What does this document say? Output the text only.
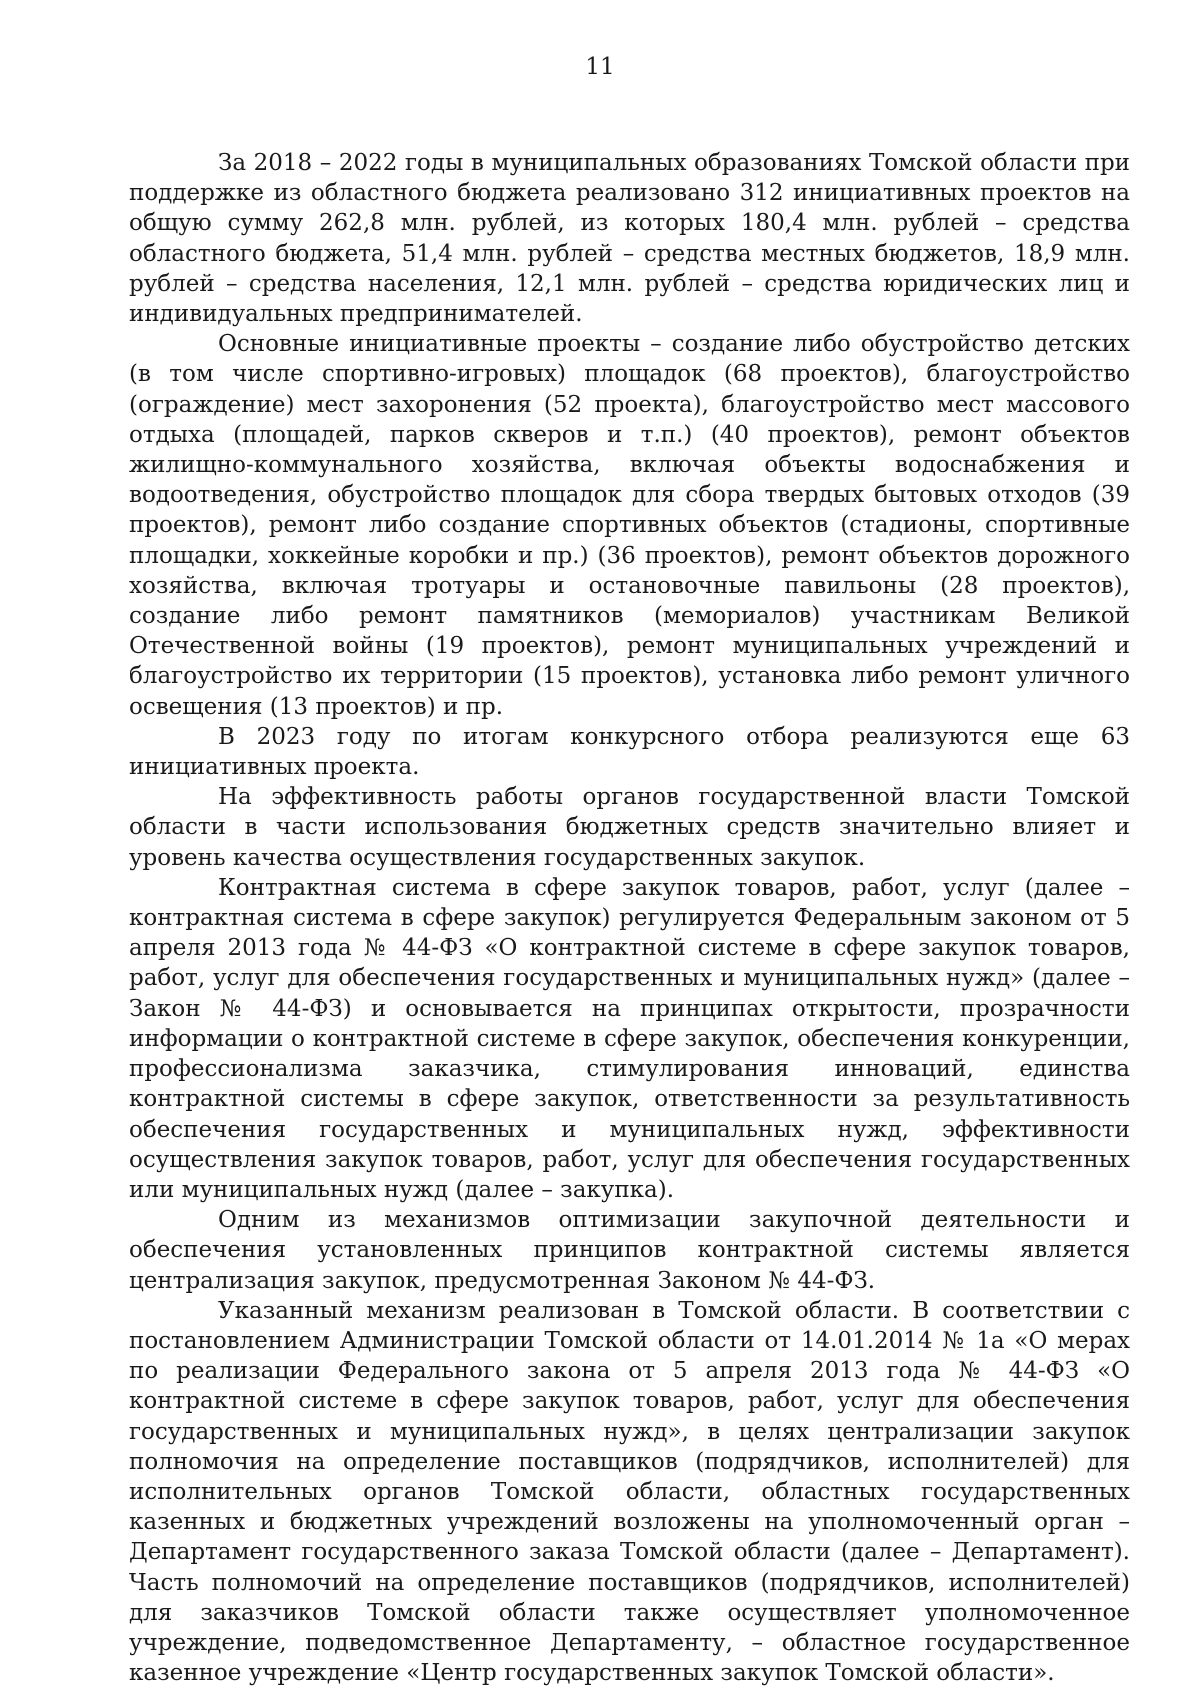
11

За 2018 – 2022 годы в муниципальных образованиях Томской области при поддержке из областного бюджета реализовано 312 инициативных проектов на общую сумму 262,8 млн. рублей, из которых 180,4 млн. рублей – средства областного бюджета, 51,4 млн. рублей – средства местных бюджетов, 18,9 млн. рублей – средства населения, 12,1 млн. рублей – средства юридических лиц и индивидуальных предпринимателей.

Основные инициативные проекты – создание либо обустройство детских (в том числе спортивно-игровых) площадок (68 проектов), благоустройство (ограждение) мест захоронения (52 проекта), благоустройство мест массового отдыха (площадей, парков скверов и т.п.) (40 проектов), ремонт объектов жилищно-коммунального хозяйства, включая объекты водоснабжения и водоотведения, обустройство площадок для сбора твердых бытовых отходов (39 проектов), ремонт либо создание спортивных объектов (стадионы, спортивные площадки, хоккейные коробки и пр.) (36 проектов), ремонт объектов дорожного хозяйства, включая тротуары и остановочные павильоны (28 проектов), создание либо ремонт памятников (мемориалов) участникам Великой Отечественной войны (19 проектов), ремонт муниципальных учреждений и благоустройство их территории (15 проектов), установка либо ремонт уличного освещения (13 проектов) и пр.

В 2023 году по итогам конкурсного отбора реализуются еще 63 инициативных проекта.

На эффективность работы органов государственной власти Томской области в части использования бюджетных средств значительно влияет и уровень качества осуществления государственных закупок.

Контрактная система в сфере закупок товаров, работ, услуг (далее – контрактная система в сфере закупок) регулируется Федеральным законом от 5 апреля 2013 года № 44-ФЗ «О контрактной системе в сфере закупок товаров, работ, услуг для обеспечения государственных и муниципальных нужд» (далее – Закон № 44-ФЗ) и основывается на принципах открытости, прозрачности информации о контрактной системе в сфере закупок, обеспечения конкуренции, профессионализма заказчика, стимулирования инноваций, единства контрактной системы в сфере закупок, ответственности за результативность обеспечения государственных и муниципальных нужд, эффективности осуществления закупок товаров, работ, услуг для обеспечения государственных или муниципальных нужд (далее – закупка).

Одним из механизмов оптимизации закупочной деятельности и обеспечения установленных принципов контрактной системы является централизация закупок, предусмотренная Законом № 44-ФЗ.

Указанный механизм реализован в Томской области. В соответствии с постановлением Администрации Томской области от 14.01.2014 № 1а «О мерах по реализации Федерального закона от 5 апреля 2013 года № 44-ФЗ «О контрактной системе в сфере закупок товаров, работ, услуг для обеспечения государственных и муниципальных нужд», в целях централизации закупок полномочия на определение поставщиков (подрядчиков, исполнителей) для исполнительных органов Томской области, областных государственных казенных и бюджетных учреждений возложены на уполномоченный орган – Департамент государственного заказа Томской области (далее – Департамент). Часть полномочий на определение поставщиков (подрядчиков, исполнителей) для заказчиков Томской области также осуществляет уполномоченное учреждение, подведомственное Департаменту, – областное государственное казенное учреждение «Центр государственных закупок Томской области».
